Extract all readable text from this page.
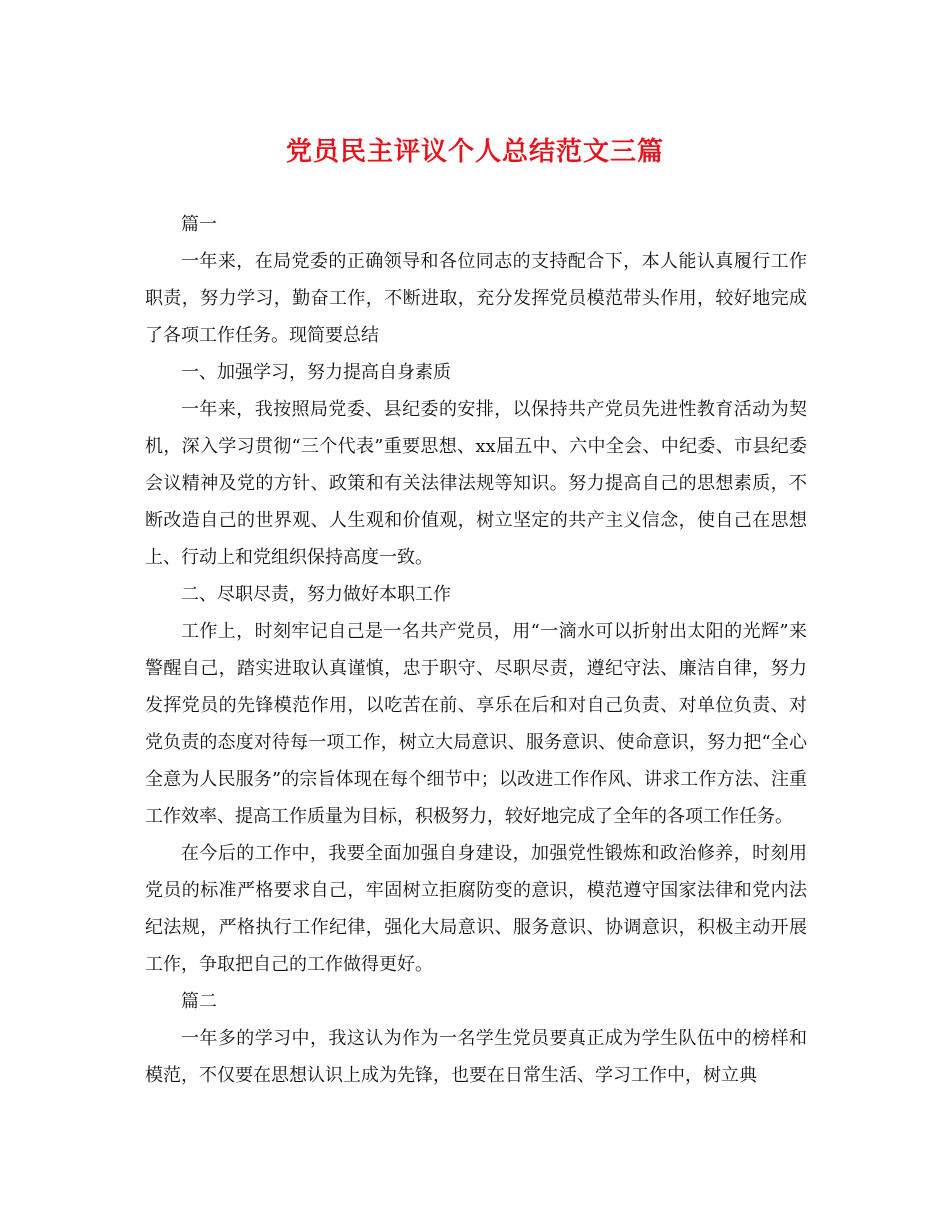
党员民主评议个人总结范文三篇

篇一

一年来，在局党委的正确领导和各位同志的支持配合下，本人能认真履行工作职责，努力学习，勤奋工作，不断进取，充分发挥党员模范带头作用，较好地完成了各项工作任务。现简要总结

一、加强学习，努力提高自身素质

一年来，我按照局党委、县纪委的安排，以保持共产党员先进性教育活动为契机，深入学习贯彻“三个代表”重要思想、xx届五中、六中全会、中纪委、市县纪委会议精神及党的方针、政策和有关法律法规等知识。努力提高自己的思想素质，不断改造自己的世界观、人生观和价值观，树立坚定的共产主义信念，使自己在思想上、行动上和党组织保持高度一致。

二、尽职尽责，努力做好本职工作

工作上，时刻牢记自己是一名共产党员，用“一滴水可以折射出太阳的光辉”来警醒自己，踏实进取认真谨慎，忠于职守、尽职尽责，遵纪守法、廉洁自律，努力发挥党员的先锋模范作用，以吃苦在前、享乐在后和对自己负责、对单位负责、对党负责的态度对待每一项工作，树立大局意识、服务意识、使命意识，努力把“全心全意为人民服务”的宗旨体现在每个细节中；以改进工作作风、讲求工作方法、注重工作效率、提高工作质量为目标，积极努力，较好地完成了全年的各项工作任务。

在今后的工作中，我要全面加强自身建设，加强党性锻炼和政治修养，时刻用党员的标准严格要求自己，牢固树立拒腐防变的意识，模范遵守国家法律和党内法纪法规，严格执行工作纪律，强化大局意识、服务意识、协调意识，积极主动开展工作，争取把自己的工作做得更好。

篇二

一年多的学习中，我这认为作为一名学生党员要真正成为学生队伍中的榜样和模范，不仅要在思想认识上成为先锋，也要在日常生活、学习工作中，树立典
